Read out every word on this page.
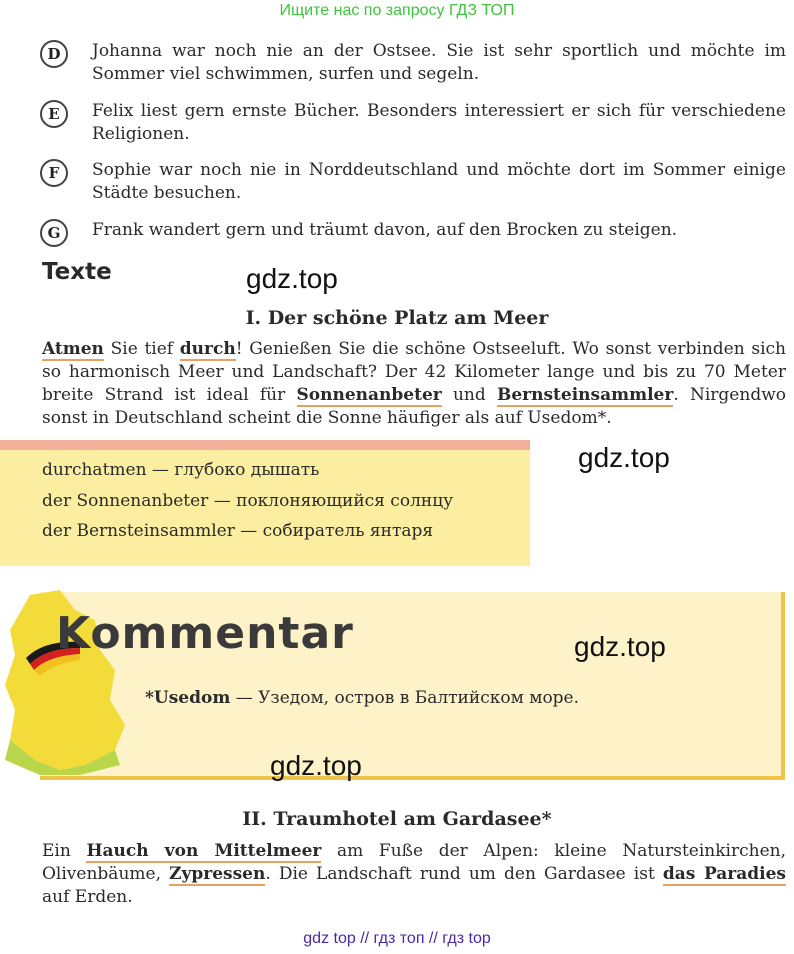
Ищите нас по запросу ГДЗ ТОП
D	Johanna war noch nie an der Ostsee. Sie ist sehr sportlich und möchte im Sommer viel schwimmen, surfen und segeln.
E	Felix liest gern ernste Bücher. Besonders interessiert er sich für verschiedene Religionen.
F	Sophie war noch nie in Norddeutschland und möchte dort im Sommer einige Städte besuchen.
G	Frank wandert gern und träumt davon, auf den Brocken zu steigen.
Texte	gdz.top
I. Der schöne Platz am Meer
Atmen Sie tief durch! Genießen Sie die schöne Ostseeluft. Wo sonst verbinden sich so harmonisch Meer und Landschaft? Der 42 Kilometer lange und bis zu 70 Meter breite Strand ist ideal für Sonnenanbeter und Bernsteinsammler. Nirgendwo sonst in Deutschland scheint die Sonne häufiger als auf Usedom*.
durchatmen — глубоко дышать
der Sonnenanbeter — поклоняющийся солнцу
der Bernsteinsammler — собиратель янтаря
gdz.top
Kommentar	gdz.top
*Usedom — Узедом, остров в Балтийском море.
gdz.top
II. Traumhotel am Gardasee*
Ein Hauch von Mittelmeer am Fuße der Alpen: kleine Natursteinkirchen, Olivenbäume, Zypressen. Die Landschaft rund um den Gardasee ist das Paradies auf Erden.
gdz top // гдз топ // гдз top
